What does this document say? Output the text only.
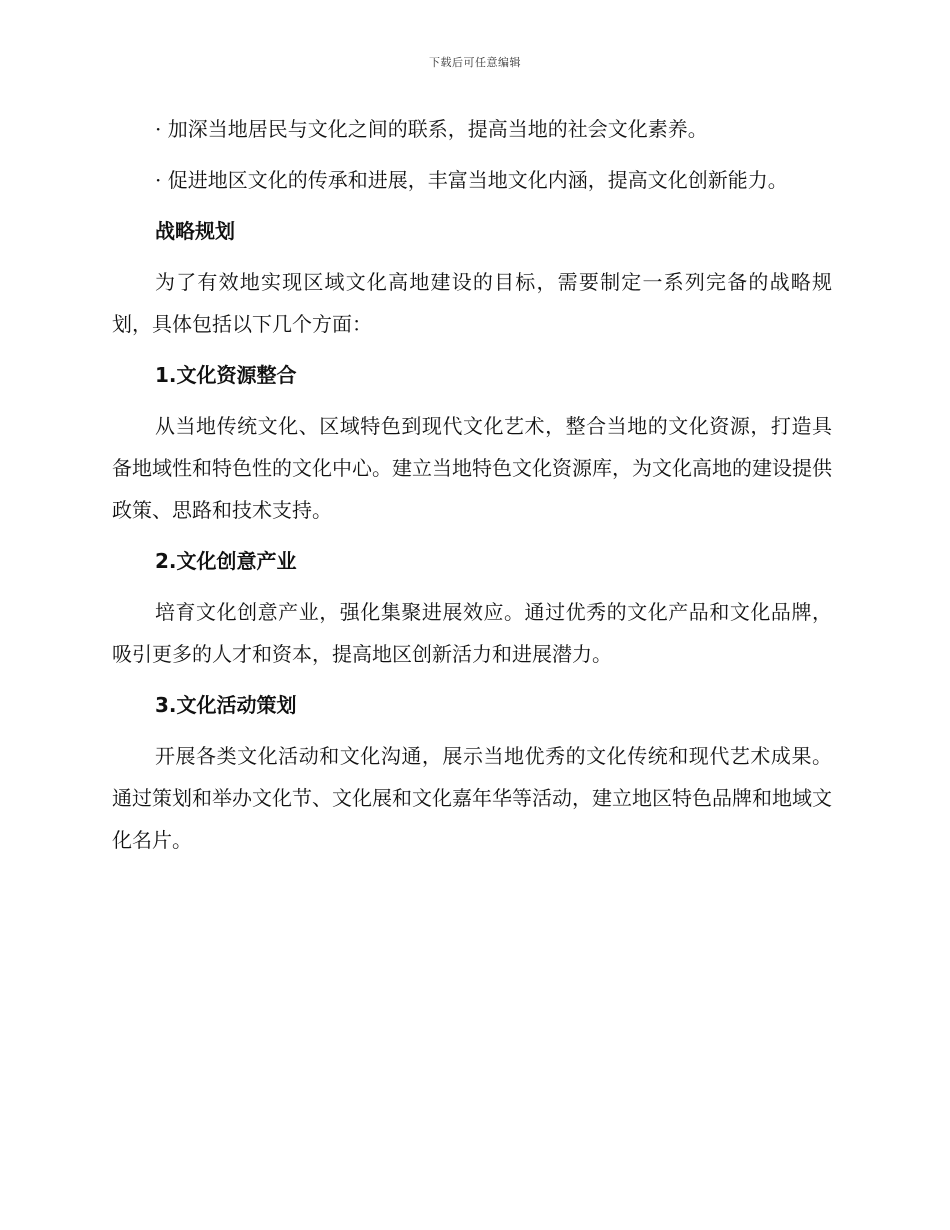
下载后可任意编辑

· 加深当地居民与文化之间的联系，提高当地的社会文化素养。

· 促进地区文化的传承和进展，丰富当地文化内涵，提高文化创新能力。

战略规划

为了有效地实现区域文化高地建设的目标，需要制定一系列完备的战略规划，具体包括以下几个方面：

1.文化资源整合

从当地传统文化、区域特色到现代文化艺术，整合当地的文化资源，打造具备地域性和特色性的文化中心。建立当地特色文化资源库，为文化高地的建设提供政策、思路和技术支持。

2.文化创意产业

培育文化创意产业，强化集聚进展效应。通过优秀的文化产品和文化品牌，吸引更多的人才和资本，提高地区创新活力和进展潜力。

3.文化活动策划

开展各类文化活动和文化沟通，展示当地优秀的文化传统和现代艺术成果。通过策划和举办文化节、文化展和文化嘉年华等活动，建立地区特色品牌和地域文化名片。
